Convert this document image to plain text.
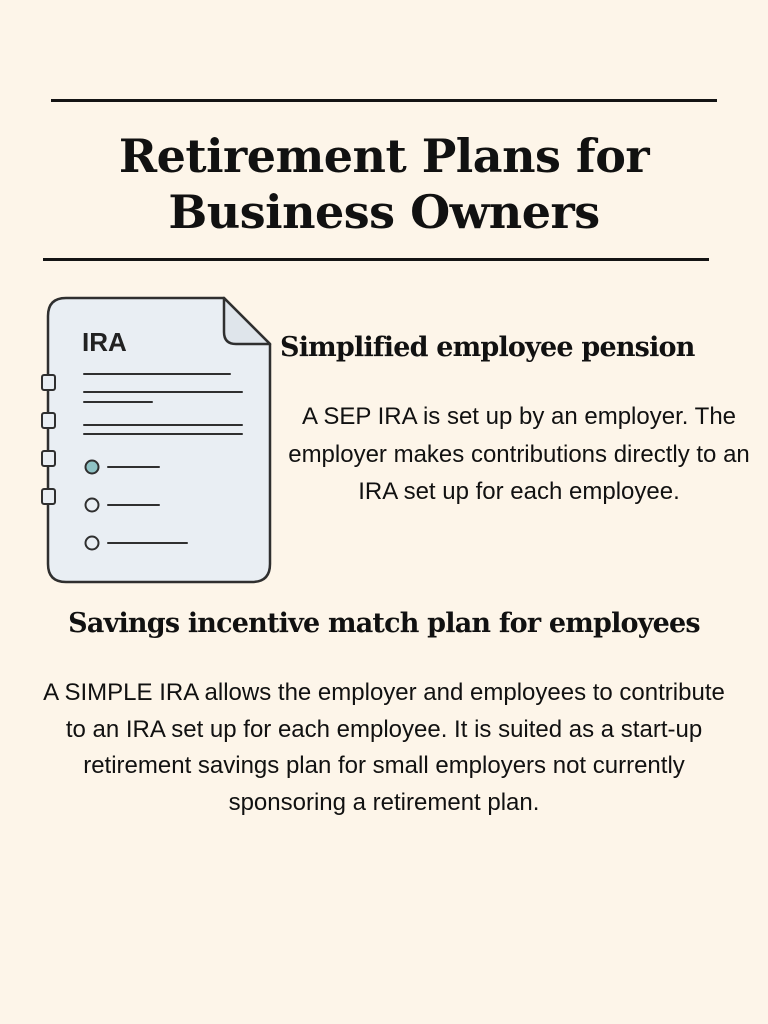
Retirement Plans for
Business Owners
IRA	Simplified employee pension

A SEP IRA is set up by an employer. The employer makes contributions directly to an IRA set up for each employee.

Savings incentive match plan for employees

A SIMPLE IRA allows the employer and employees to contribute to an IRA set up for each employee. It is suited as a start-up retirement savings plan for small employers not currently sponsoring a retirement plan.
